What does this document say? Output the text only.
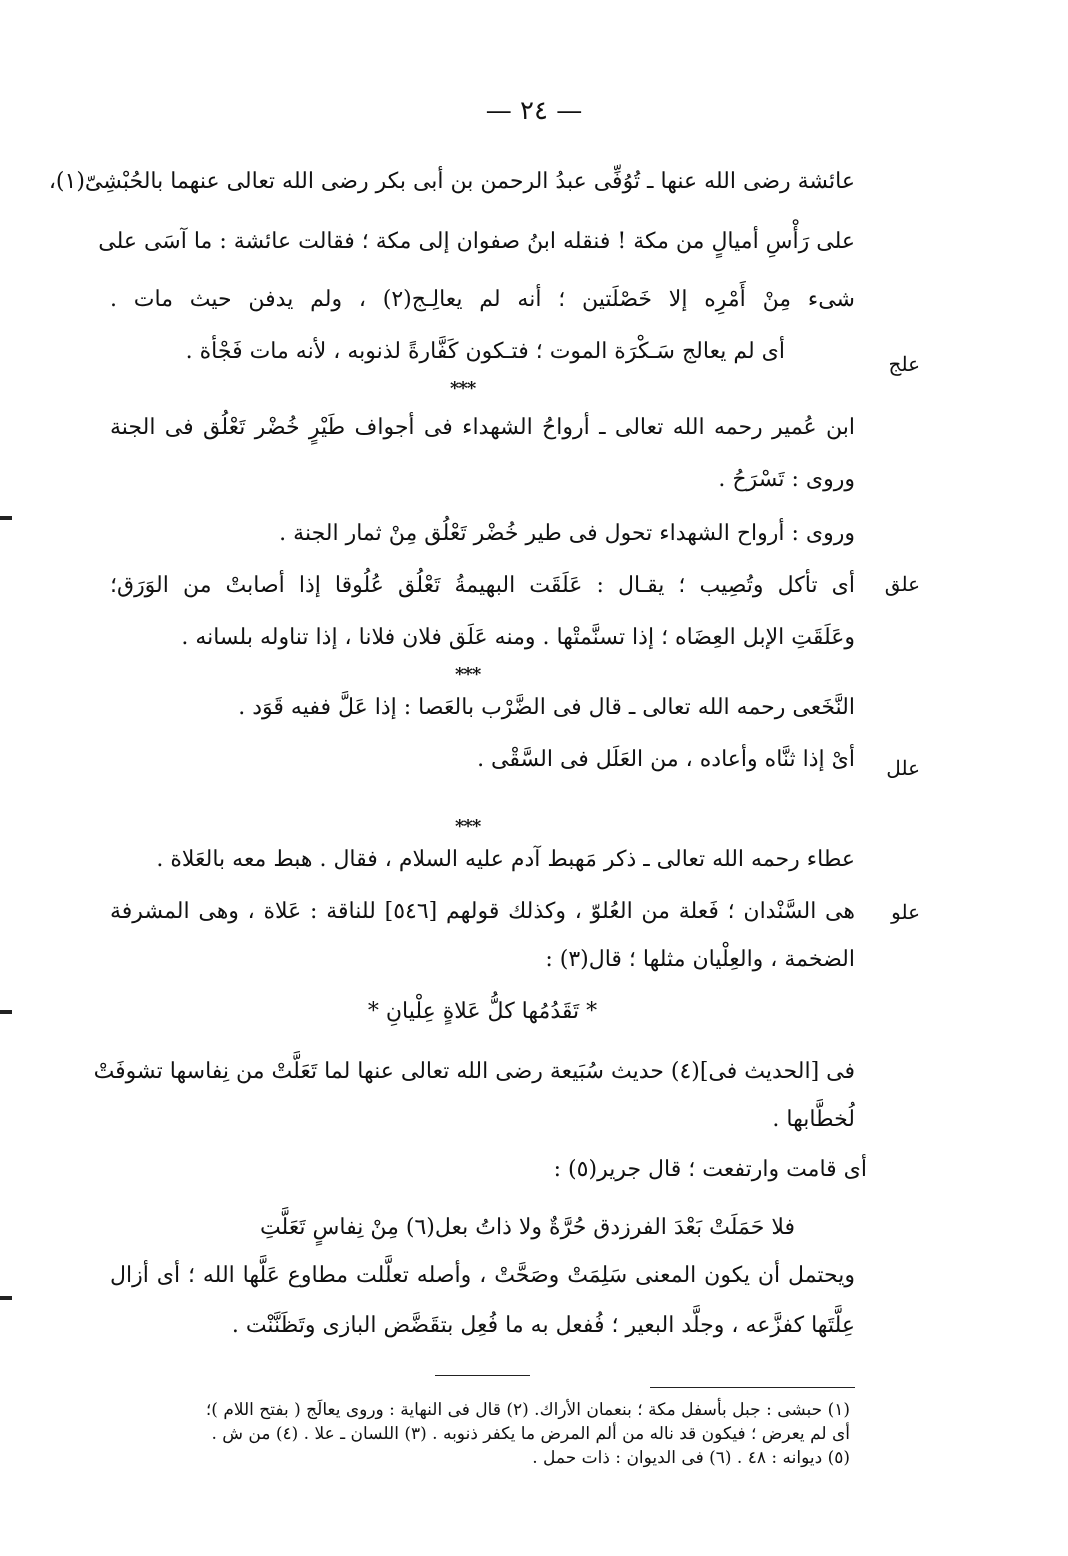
— ٢٤ —
عائشة رضى الله عنها ـ تُوُفِّى عبدُ الرحمن بن أبى بكر رضى الله تعالى عنهما بالحُبْشِىّ(١)،
على رَأْسِ أميالٍ من مكة ! فنقله ابنُ صفوان إلى مكة ؛ فقالت عائشة : ما آسَى على
شىء مِنْ أَمْرِه إلا خَصْلَتين ؛ أنه لم يعالِـج(٢) ، ولم يدفن حيث مات .
أى لم يعالج سَـكْرَة الموت ؛ فتـكون كَفَّارةً لذنوبه ، لأنه مات فَجْأة .
***
ابن عُمير رحمه الله تعالى ـ أرواحُ الشهداء فى أجواف طَيْرٍ خُضْر تَعْلُق فى الجنة
وروى : تَسْرَحُ .
وروى : أرواح الشهداء تحول فى طير خُضْر تَعْلُق مِنْ ثمار الجنة .
أى تأكل وتُصِيب ؛ يقـال : عَلَقَت البهيمةُ تَعْلُق عُلُوقا إذا أصابتْ من الوَرَق؛
وعَلَقَتِ الإبل العِضَاه ؛ إذا تسنَّمتْها . ومنه عَلَق فلان فلانا ، إذا تناوله بلسانه .
***
النَّخَعى رحمه الله تعالى ـ قال فى الضَّرْب بالعَصا : إذا عَلَّ ففيه قَوَد .
أىْ إذا ثنَّاه وأعاده ، من العَلَل فى السَّقْى .
***
عطاء رحمه الله تعالى ـ ذكر مَهبط آدم عليه السلام ، فقال . هبط معه بالعَلاة .
هى السَّنْدان ؛ فَعلة من العُلوّ ، وكذلك قولهم [٥٤٦] للناقة : عَلاة ، وهى المشرفة
الضخمة ، والعِلْيان مثلها ؛ قال(٣) :
* تَقَدُمُها كلُّ عَلاةٍ عِلْيانِ *
فى [الحديث فى](٤) حديث سُبَيعة رضى الله تعالى عنها لما تَعَلَّتْ من نِفاسها تشوفَتْ
لُخطَّابها .
أى قامت وارتفعت ؛ قال جرير(٥) :
فلا حَمَلَتْ بَعْدَ الفرزدق حُرَّةٌ ولا ذاتُ بعل(٦) مِنْ نِفاسٍ تَعَلَّتِ
ويحتمل أن يكون المعنى سَلِمَتْ وصَحَّتْ ، وأصله تعلَّلت مطاوع عَلَّها الله ؛ أى أزال
عِلَّتَها كفزَّعه ، وجلَّد البعير ؛ فُفعل به ما فُعِل بتقَضَّض البازى وتَظَنَّنْت .
علج
علق
علل
علو
(١) حبشى : جبل بأسفل مكة ؛ بنعمان الأراك. (٢) قال فى النهاية : وروى يعالَج ( بفتح اللام )؛
أى لم يعرض ؛ فيكون قد ناله من ألم المرض ما يكفر ذنوبه . (٣) اللسان ـ علا . (٤) من ش .
(٥) ديوانه : ٤٨ . (٦) فى الديوان : ذات حمل .
